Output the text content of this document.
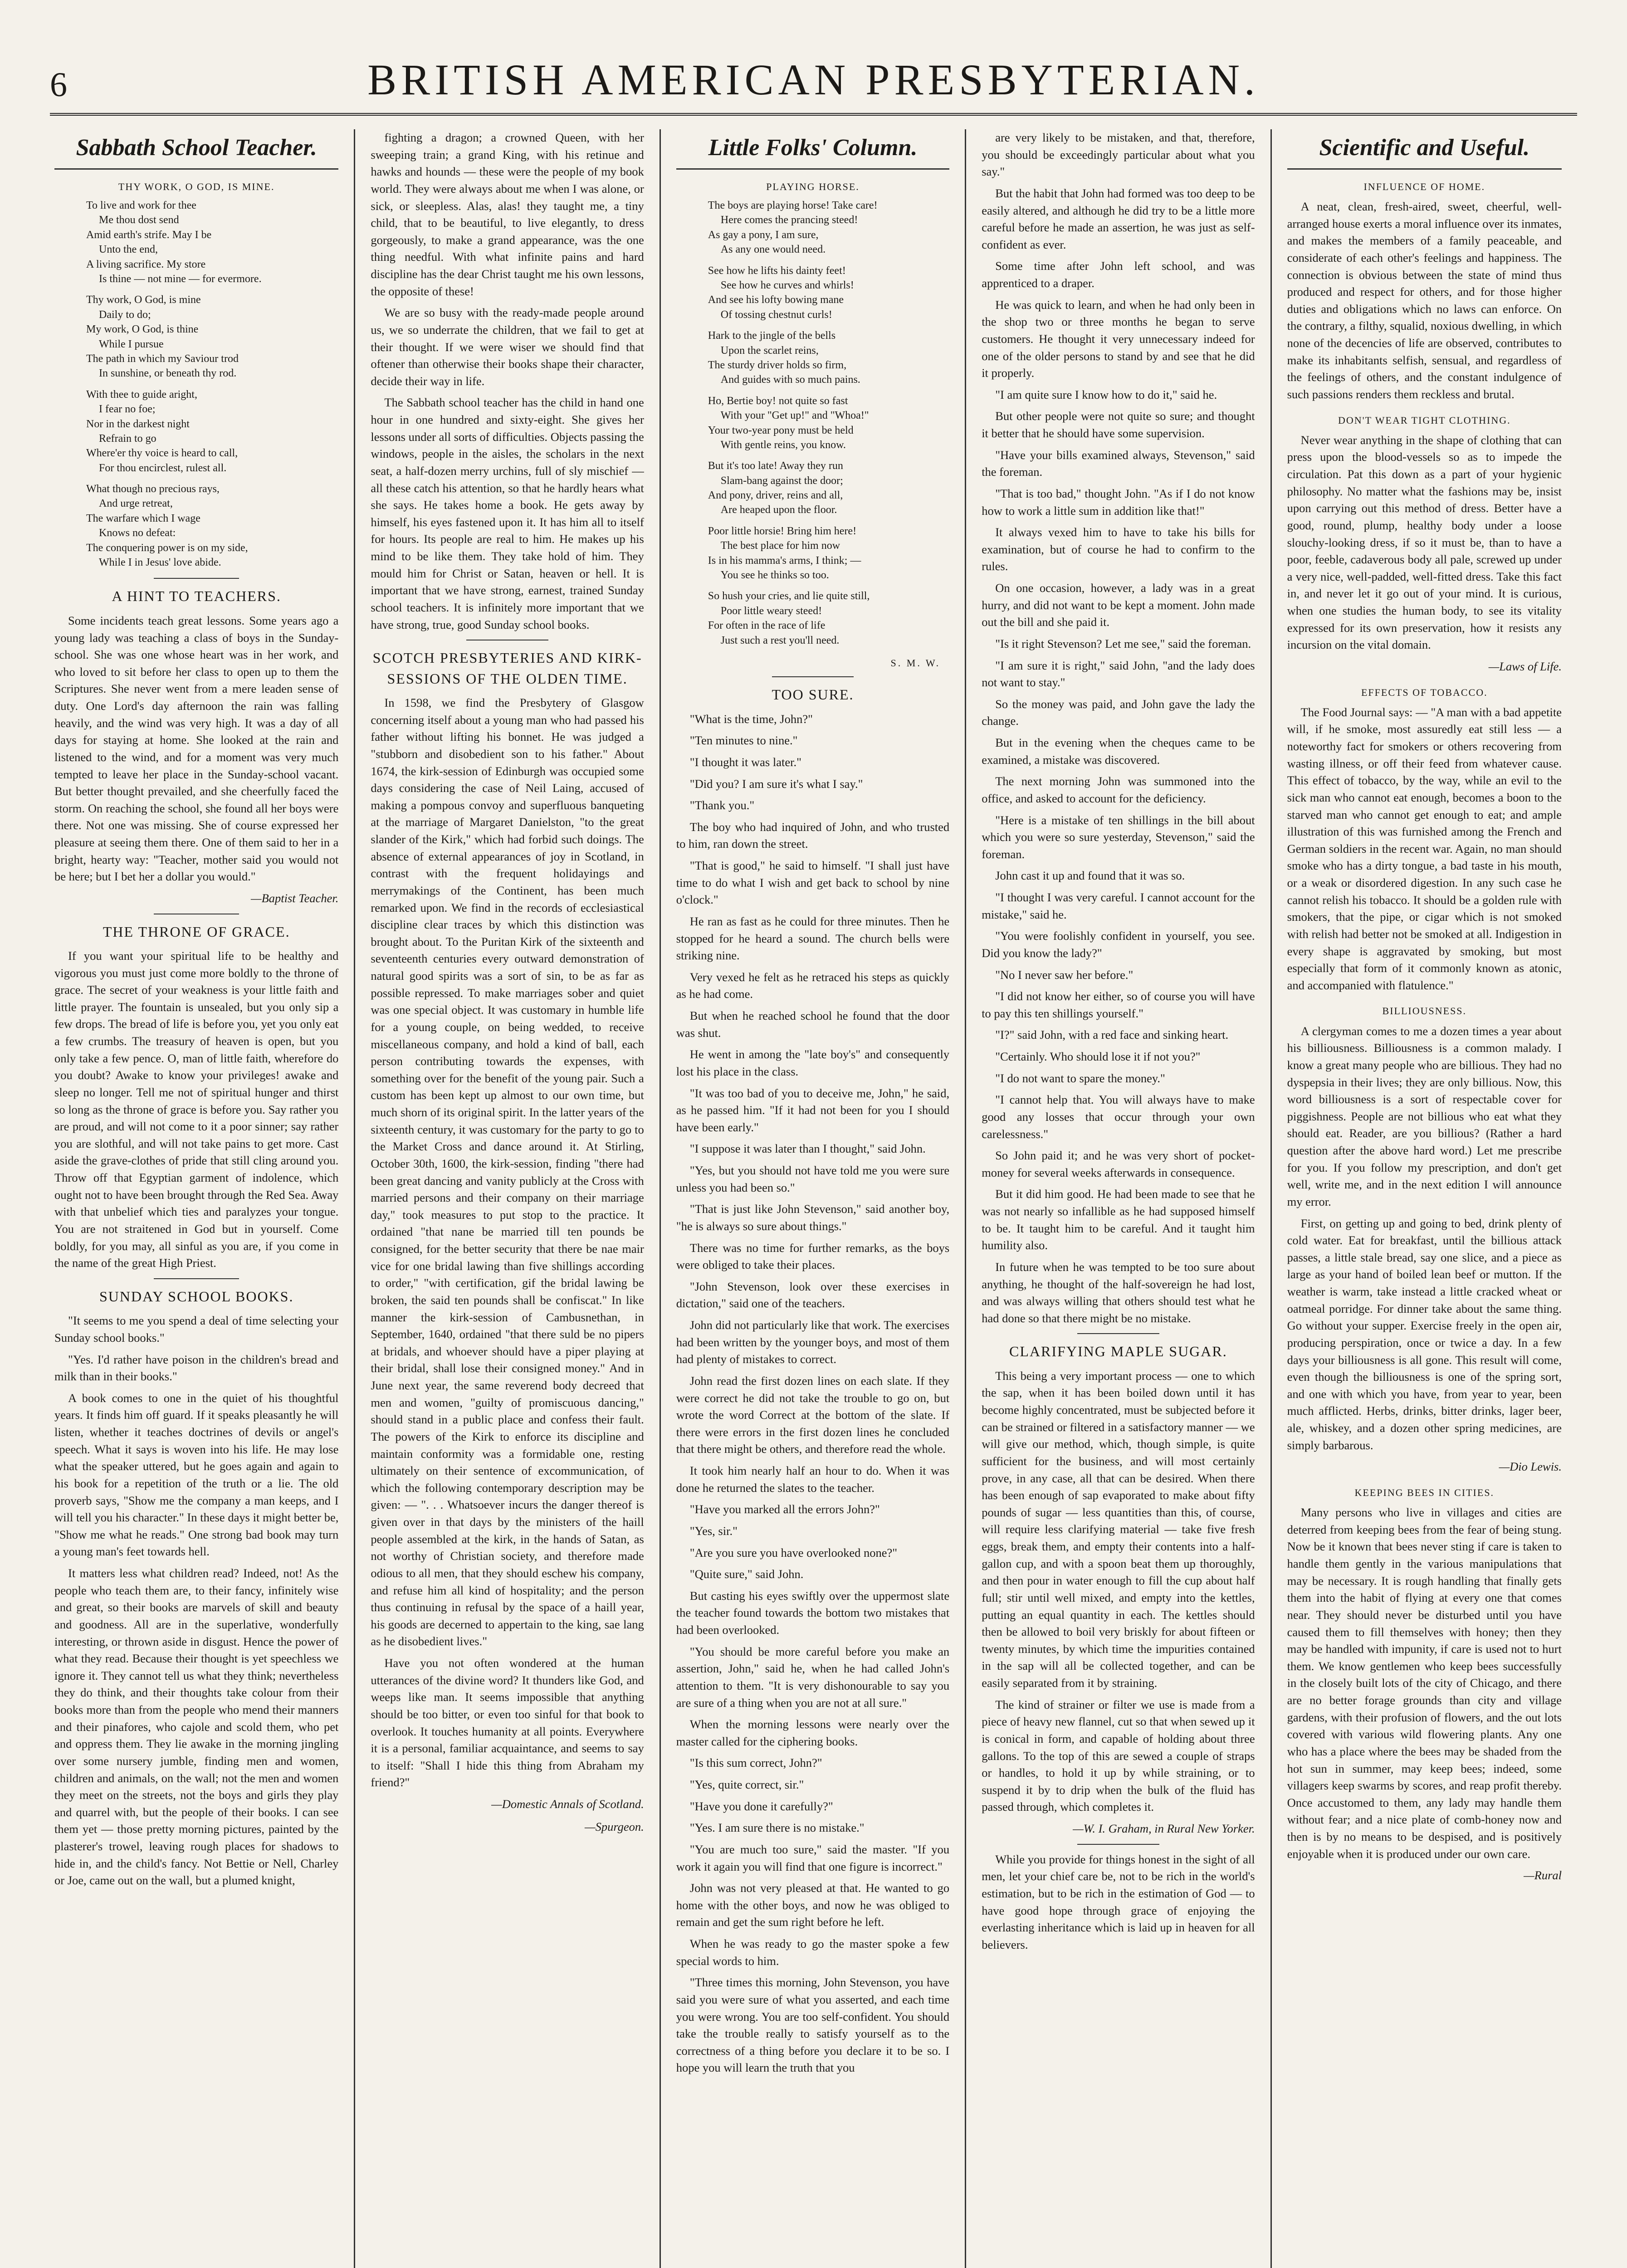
6	BRITISH AMERICAN PRESBYTERIAN.
Sabbath School Teacher.
THY WORK, O GOD, IS MINE.
To live and work for thee
Me thou dost send
Amid earth's strife. May I be
Unto the end,
A living sacrifice. My store
Is thine — not mine — for evermore.
Thy work, O God, is mine
Daily to do;
My work, O God, is thine
While I pursue
The path in which my Saviour trod
In sunshine, or beneath thy rod.
With thee to guide aright,
I fear no foe;
Nor in the darkest night
Refrain to go
Where'er thy voice is heard to call,
For thou encirclest, rulest all.
What though no precious rays,
And urge retreat,
The warfare which I wage
Knows no defeat:
The conquering power is on my side,
While I in Jesus' love abide.
A HINT TO TEACHERS.

Some incidents teach great lessons. Some years ago a young lady was teaching a class of boys in the Sunday-school. She was one whose heart was in her work, and who loved to sit before her class to open up to them the Scriptures. She never went from a mere leaden sense of duty. One Lord's day afternoon the rain was falling heavily, and the wind was very high. It was a day of all days for staying at home. She looked at the rain and listened to the wind, and for a moment was very much tempted to leave her place in the Sunday-school vacant. But better thought prevailed, and she cheerfully faced the storm. On reaching the school, she found all her boys were there. Not one was missing. She of course expressed her pleasure at seeing them there. One of them said to her in a bright, hearty way: "Teacher, mother said you would not be here; but I bet her a dollar you would."

—Baptist Teacher.
THE THRONE OF GRACE.

If you want your spiritual life to be healthy and vigorous you must just come more boldly to the throne of grace. The secret of your weakness is your little faith and little prayer. The fountain is unsealed, but you only sip a few drops. The bread of life is before you, yet you only eat a few crumbs. The treasury of heaven is open, but you only take a few pence. O, man of little faith, wherefore do you doubt? Awake to know your privileges! awake and sleep no longer. Tell me not of spiritual hunger and thirst so long as the throne of grace is before you. Say rather you are proud, and will not come to it a poor sinner; say rather you are slothful, and will not take pains to get more. Cast aside the grave-clothes of pride that still cling around you. Throw off that Egyptian garment of indolence, which ought not to have been brought through the Red Sea. Away with that unbelief which ties and paralyzes your tongue. You are not straitened in God but in yourself. Come boldly, for you may, all sinful as you are, if you come in the name of the great High Priest.

SUNDAY SCHOOL BOOKS.

"It seems to me you spend a deal of time selecting your Sunday school books."

"Yes. I'd rather have poison in the children's bread and milk than in their books."

A book comes to one in the quiet of his thoughtful years. It finds him off guard. If it speaks pleasantly he will listen, whether it teaches doctrines of devils or angel's speech. What it says is woven into his life. He may lose what the speaker uttered, but he goes again and again to his book for a repetition of the truth or a lie. The old proverb says, "Show me the company a man keeps, and I will tell you his character." In these days it might better be, "Show me what he reads." One strong bad book may turn a young man's feet towards hell.

It matters less what children read? Indeed, not! As the people who teach them are, to their fancy, infinitely wise and great, so their books are marvels of skill and beauty and goodness. All are in the superlative, wonderfully interesting, or thrown aside in disgust. Hence the power of what they read. Because their thought is yet speechless we ignore it. They cannot tell us what they think; nevertheless they do think, and their thoughts take colour from their books more than from the people who mend their manners and their pinafores, who cajole and scold them, who pet and oppress them. They lie awake in the morning jingling over some nursery jumble, finding men and women, children and animals, on the wall; not the men and women they meet on the streets, not the boys and girls they play and quarrel with, but the people of their books. I can see them yet — those pretty morning pictures, painted by the plasterer's trowel, leaving rough places for shadows to hide in, and the child's fancy. Not Bettie or Nell, Charley or Joe, came out on the wall, but a plumed knight,

fighting a dragon; a crowned Queen, with her sweeping train; a grand King, with his retinue and hawks and hounds — these were the people of my book world. They were always about me when I was alone, or sick, or sleepless. Alas, alas! they taught me, a tiny child, that to be beautiful, to live elegantly, to dress gorgeously, to make a grand appearance, was the one thing needful. With what infinite pains and hard discipline has the dear Christ taught me his own lessons, the opposite of these!

We are so busy with the ready-made people around us, we so underrate the children, that we fail to get at their thought. If we were wiser we should find that oftener than otherwise their books shape their character, decide their way in life.

The Sabbath school teacher has the child in hand one hour in one hundred and sixty-eight. She gives her lessons under all sorts of difficulties. Objects passing the windows, people in the aisles, the scholars in the next seat, a half-dozen merry urchins, full of sly mischief — all these catch his attention, so that he hardly hears what she says. He takes home a book. He gets away by himself, his eyes fastened upon it. It has him all to itself for hours. Its people are real to him. He makes up his mind to be like them. They take hold of him. They mould him for Christ or Satan, heaven or hell. It is important that we have strong, earnest, trained Sunday school teachers. It is infinitely more important that we have strong, true, good Sunday school books.

SCOTCH PRESBYTERIES AND KIRK-SESSIONS OF THE OLDEN TIME.

In 1598, we find the Presbytery of Glasgow concerning itself about a young man who had passed his father without lifting his bonnet. He was judged a "stubborn and disobedient son to his father." About 1674, the kirk-session of Edinburgh was occupied some days considering the case of Neil Laing, accused of making a pompous convoy and superfluous banqueting at the marriage of Margaret Danielston, "to the great slander of the Kirk," which had forbid such doings. The absence of external appearances of joy in Scotland, in contrast with the frequent holidayings and merrymakings of the Continent, has been much remarked upon. We find in the records of ecclesiastical discipline clear traces by which this distinction was brought about. To the Puritan Kirk of the sixteenth and seventeenth centuries every outward demonstration of natural good spirits was a sort of sin, to be as far as possible repressed. To make marriages sober and quiet was one special object. It was customary in humble life for a young couple, on being wedded, to receive miscellaneous company, and hold a kind of ball, each person contributing towards the expenses, with something over for the benefit of the young pair. Such a custom has been kept up almost to our own time, but much shorn of its original spirit. In the latter years of the sixteenth century, it was customary for the party to go to the Market Cross and dance around it. At Stirling, October 30th, 1600, the kirk-session, finding "there had been great dancing and vanity publicly at the Cross with married persons and their company on their marriage day," took measures to put stop to the practice. It ordained "that nane be married till ten pounds be consigned, for the better security that there be nae mair vice for one bridal lawing than five shillings according to order," "with certification, gif the bridal lawing be broken, the said ten pounds shall be confiscat." In like manner the kirk-session of Cambusnethan, in September, 1640, ordained "that there suld be no pipers at bridals, and whoever should have a piper playing at their bridal, shall lose their consigned money." And in June next year, the same reverend body decreed that men and women, "guilty of promiscuous dancing," should stand in a public place and confess their fault. The powers of the Kirk to enforce its discipline and maintain conformity was a formidable one, resting ultimately on their sentence of excommunication, of which the following contemporary description may be given: — ". . . Whatsoever incurs the danger thereof is given over in that days by the ministers of the haill people assembled at the kirk, in the hands of Satan, as not worthy of Christian society, and therefore made odious to all men, that they should eschew his company, and refuse him all kind of hospitality; and the person thus continuing in refusal by the space of a haill year, his goods are decerned to appertain to the king, sae lang as he disobedient lives."

Have you not often wondered at the human utterances of the divine word? It thunders like God, and weeps like man. It seems impossible that anything should be too bitter, or even too sinful for that book to overlook. It touches humanity at all points. Everywhere it is a personal, familiar acquaintance, and seems to say to itself: "Shall I hide this thing from Abraham my friend?"

—Domestic Annals of Scotland.
—Spurgeon.
Little Folks' Column.
PLAYING HORSE.
The boys are playing horse! Take care!
Here comes the prancing steed!
As gay a pony, I am sure,
As any one would need.
See how he lifts his dainty feet!
See how he curves and whirls!
And see his lofty bowing mane
Of tossing chestnut curls!
Hark to the jingle of the bells
Upon the scarlet reins,
The sturdy driver holds so firm,
And guides with so much pains.
Ho, Bertie boy! not quite so fast
With your "Get up!" and "Whoa!"
Your two-year pony must be held
With gentle reins, you know.
But it's too late! Away they run
Slam-bang against the door;
And pony, driver, reins and all,
Are heaped upon the floor.
Poor little horsie! Bring him here!
The best place for him now
Is in his mamma's arms, I think; —
You see he thinks so too.
So hush your cries, and lie quite still,
Poor little weary steed!
For often in the race of life
Just such a rest you'll need.
S. M. W.
TOO SURE.

"What is the time, John?"

"Ten minutes to nine."

"I thought it was later."

"Did you? I am sure it's what I say."

"Thank you."

The boy who had inquired of John, and who trusted to him, ran down the street.

"That is good," he said to himself. "I shall just have time to do what I wish and get back to school by nine o'clock."

He ran as fast as he could for three minutes. Then he stopped for he heard a sound. The church bells were striking nine.

Very vexed he felt as he retraced his steps as quickly as he had come.

But when he reached school he found that the door was shut.

He went in among the "late boy's" and consequently lost his place in the class.

"It was too bad of you to deceive me, John," he said, as he passed him. "If it had not been for you I should have been early."

"I suppose it was later than I thought," said John.

"Yes, but you should not have told me you were sure unless you had been so."

"That is just like John Stevenson," said another boy, "he is always so sure about things."

There was no time for further remarks, as the boys were obliged to take their places.

"John Stevenson, look over these exercises in dictation," said one of the teachers.

John did not particularly like that work. The exercises had been written by the younger boys, and most of them had plenty of mistakes to correct.

John read the first dozen lines on each slate. If they were correct he did not take the trouble to go on, but wrote the word Correct at the bottom of the slate. If there were errors in the first dozen lines he concluded that there might be others, and therefore read the whole.

It took him nearly half an hour to do. When it was done he returned the slates to the teacher.

"Have you marked all the errors John?"

"Yes, sir."

"Are you sure you have overlooked none?"

"Quite sure," said John.

But casting his eyes swiftly over the uppermost slate the teacher found towards the bottom two mistakes that had been overlooked.

"You should be more careful before you make an assertion, John," said he, when he had called John's attention to them. "It is very dishonourable to say you are sure of a thing when you are not at all sure."

When the morning lessons were nearly over the master called for the ciphering books.

"Is this sum correct, John?"

"Yes, quite correct, sir."

"Have you done it carefully?"

"Yes. I am sure there is no mistake."

"You are much too sure," said the master. "If you work it again you will find that one figure is incorrect."

John was not very pleased at that. He wanted to go home with the other boys, and now he was obliged to remain and get the sum right before he left.

When he was ready to go the master spoke a few special words to him.

"Three times this morning, John Stevenson, you have said you were sure of what you asserted, and each time you were wrong. You are too self-confident. You should take the trouble really to satisfy yourself as to the correctness of a thing before you declare it to be so. I hope you will learn the truth that you

are very likely to be mistaken, and that, therefore, you should be exceedingly particular about what you say."

But the habit that John had formed was too deep to be easily altered, and although he did try to be a little more careful before he made an assertion, he was just as self-confident as ever.

Some time after John left school, and was apprenticed to a draper.

He was quick to learn, and when he had only been in the shop two or three months he began to serve customers. He thought it very unnecessary indeed for one of the older persons to stand by and see that he did it properly.

"I am quite sure I know how to do it," said he.

But other people were not quite so sure; and thought it better that he should have some supervision.

"Have your bills examined always, Stevenson," said the foreman.

"That is too bad," thought John. "As if I do not know how to work a little sum in addition like that!"

It always vexed him to have to take his bills for examination, but of course he had to confirm to the rules.

On one occasion, however, a lady was in a great hurry, and did not want to be kept a moment. John made out the bill and she paid it.

"Is it right Stevenson? Let me see," said the foreman.

"I am sure it is right," said John, "and the lady does not want to stay."

So the money was paid, and John gave the lady the change.

But in the evening when the cheques came to be examined, a mistake was discovered.

The next morning John was summoned into the office, and asked to account for the deficiency.

"Here is a mistake of ten shillings in the bill about which you were so sure yesterday, Stevenson," said the foreman.

John cast it up and found that it was so.

"I thought I was very careful. I cannot account for the mistake," said he.

"You were foolishly confident in yourself, you see. Did you know the lady?"

"No I never saw her before."

"I did not know her either, so of course you will have to pay this ten shillings yourself."

"I?" said John, with a red face and sinking heart.

"Certainly. Who should lose it if not you?"

"I do not want to spare the money."

"I cannot help that. You will always have to make good any losses that occur through your own carelessness."

So John paid it; and he was very short of pocket-money for several weeks afterwards in consequence.

But it did him good. He had been made to see that he was not nearly so infallible as he had supposed himself to be. It taught him to be careful. And it taught him humility also.

In future when he was tempted to be too sure about anything, he thought of the half-sovereign he had lost, and was always willing that others should test what he had done so that there might be no mistake.

CLARIFYING MAPLE SUGAR.

This being a very important process — one to which the sap, when it has been boiled down until it has become highly concentrated, must be subjected before it can be strained or filtered in a satisfactory manner — we will give our method, which, though simple, is quite sufficient for the business, and will most certainly prove, in any case, all that can be desired. When there has been enough of sap evaporated to make about fifty pounds of sugar — less quantities than this, of course, will require less clarifying material — take five fresh eggs, break them, and empty their contents into a half-gallon cup, and with a spoon beat them up thoroughly, and then pour in water enough to fill the cup about half full; stir until well mixed, and empty into the kettles, putting an equal quantity in each. The kettles should then be allowed to boil very briskly for about fifteen or twenty minutes, by which time the impurities contained in the sap will all be collected together, and can be easily separated from it by straining.

The kind of strainer or filter we use is made from a piece of heavy new flannel, cut so that when sewed up it is conical in form, and capable of holding about three gallons. To the top of this are sewed a couple of straps or handles, to hold it up by while straining, or to suspend it by to drip when the bulk of the fluid has passed through, which completes it.

—W. I. Graham, in Rural New Yorker.

While you provide for things honest in the sight of all men, let your chief care be, not to be rich in the world's estimation, but to be rich in the estimation of God — to have good hope through grace of enjoying the everlasting inheritance which is laid up in heaven for all believers.

Scientific and Useful.
INFLUENCE OF HOME.

A neat, clean, fresh-aired, sweet, cheerful, well-arranged house exerts a moral influence over its inmates, and makes the members of a family peaceable, and considerate of each other's feelings and happiness. The connection is obvious between the state of mind thus produced and respect for others, and for those higher duties and obligations which no laws can enforce. On the contrary, a filthy, squalid, noxious dwelling, in which none of the decencies of life are observed, contributes to make its inhabitants selfish, sensual, and regardless of the feelings of others, and the constant indulgence of such passions renders them reckless and brutal.

DON'T WEAR TIGHT CLOTHING.

Never wear anything in the shape of clothing that can press upon the blood-vessels so as to impede the circulation. Pat this down as a part of your hygienic philosophy. No matter what the fashions may be, insist upon carrying out this method of dress. Better have a good, round, plump, healthy body under a loose slouchy-looking dress, if so it must be, than to have a poor, feeble, cadaverous body all pale, screwed up under a very nice, well-padded, well-fitted dress. Take this fact in, and never let it go out of your mind. It is curious, when one studies the human body, to see its vitality expressed for its own preservation, how it resists any incursion on the vital domain.

—Laws of Life.
EFFECTS OF TOBACCO.

The Food Journal says: — "A man with a bad appetite will, if he smoke, most assuredly eat still less — a noteworthy fact for smokers or others recovering from wasting illness, or off their feed from whatever cause. This effect of tobacco, by the way, while an evil to the sick man who cannot eat enough, becomes a boon to the starved man who cannot get enough to eat; and ample illustration of this was furnished among the French and German soldiers in the recent war. Again, no man should smoke who has a dirty tongue, a bad taste in his mouth, or a weak or disordered digestion. In any such case he cannot relish his tobacco. It should be a golden rule with smokers, that the pipe, or cigar which is not smoked with relish had better not be smoked at all. Indigestion in every shape is aggravated by smoking, but most especially that form of it commonly known as atonic, and accompanied with flatulence."

BILLIOUSNESS.

A clergyman comes to me a dozen times a year about his billiousness. Billiousness is a common malady. I know a great many people who are billious. They had no dyspepsia in their lives; they are only billious. Now, this word billiousness is a sort of respectable cover for piggishness. People are not billious who eat what they should eat. Reader, are you billious? (Rather a hard question after the above hard word.) Let me prescribe for you. If you follow my prescription, and don't get well, write me, and in the next edition I will announce my error.

First, on getting up and going to bed, drink plenty of cold water. Eat for breakfast, until the billious attack passes, a little stale bread, say one slice, and a piece as large as your hand of boiled lean beef or mutton. If the weather is warm, take instead a little cracked wheat or oatmeal porridge. For dinner take about the same thing. Go without your supper. Exercise freely in the open air, producing perspiration, once or twice a day. In a few days your billiousness is all gone. This result will come, even though the billiousness is one of the spring sort, and one with which you have, from year to year, been much afflicted. Herbs, drinks, bitter drinks, lager beer, ale, whiskey, and a dozen other spring medicines, are simply barbarous.

—Dio Lewis.
KEEPING BEES IN CITIES.

Many persons who live in villages and cities are deterred from keeping bees from the fear of being stung. Now be it known that bees never sting if care is taken to handle them gently in the various manipulations that may be necessary. It is rough handling that finally gets them into the habit of flying at every one that comes near. They should never be disturbed until you have caused them to fill themselves with honey; then they may be handled with impunity, if care is used not to hurt them. We know gentlemen who keep bees successfully in the closely built lots of the city of Chicago, and there are no better forage grounds than city and village gardens, with their profusion of flowers, and the out lots covered with various wild flowering plants. Any one who has a place where the bees may be shaded from the hot sun in summer, may keep bees; indeed, some villagers keep swarms by scores, and reap profit thereby. Once accustomed to them, any lady may handle them without fear; and a nice plate of comb-honey now and then is by no means to be despised, and is positively enjoyable when it is produced under our own care.

—Rural
